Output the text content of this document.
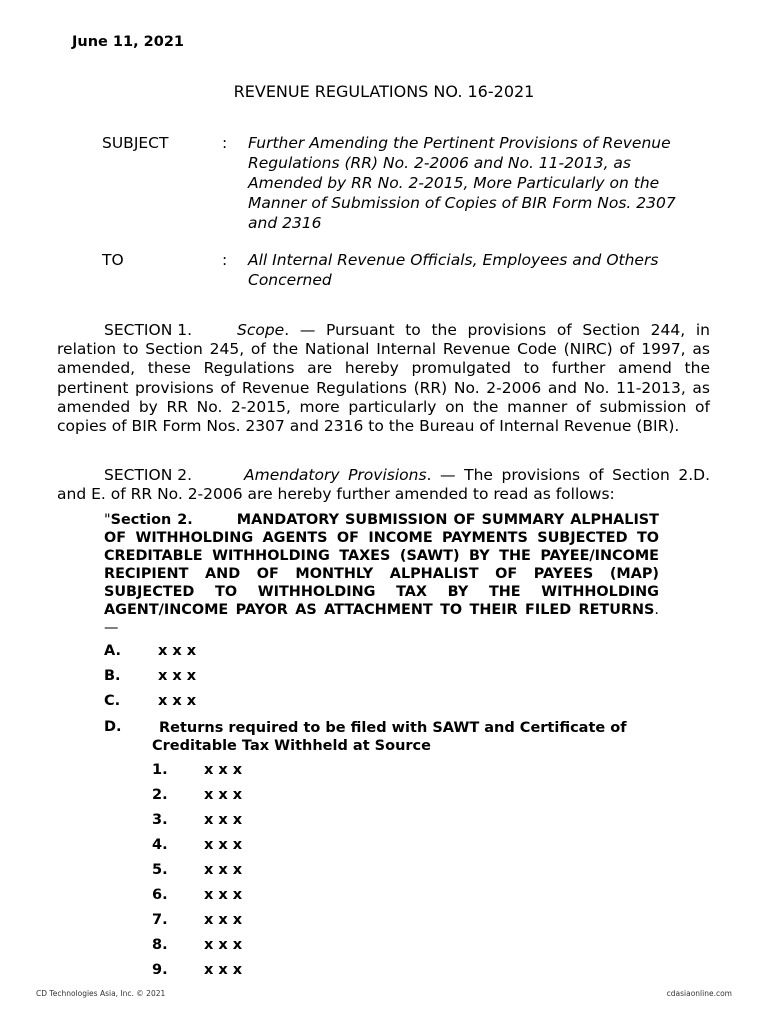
June 11, 2021
REVENUE REGULATIONS NO. 16-2021
SUBJECT	: Further Amending the Pertinent Provisions of Revenue
Regulations (RR) No. 2-2006 and No. 11-2013, as
Amended by RR No. 2-2015, More Particularly on the
Manner of Submission of Copies of BIR Form Nos. 2307
and 2316
TO	: All Internal Revenue Officials, Employees and Others
Concerned

SECTION 1.	Scope. — Pursuant to the provisions of Section 244, in relation to Section 245, of the National Internal Revenue Code (NIRC) of 1997, as amended, these Regulations are hereby promulgated to further amend the pertinent provisions of Revenue Regulations (RR) No. 2-2006 and No. 11-2013, as amended by RR No. 2-2015, more particularly on the manner of submission of copies of BIR Form Nos. 2307 and 2316 to the Bureau of Internal Revenue (BIR).

SECTION 2.	Amendatory Provisions. — The provisions of Section 2.D. and E. of RR No. 2-2006 are hereby further amended to read as follows:

"Section 2.	MANDATORY SUBMISSION OF SUMMARY ALPHALIST OF WITHHOLDING AGENTS OF INCOME PAYMENTS SUBJECTED TO CREDITABLE WITHHOLDING TAXES (SAWT) BY THE PAYEE/INCOME RECIPIENT AND OF MONTHLY ALPHALIST OF PAYEES (MAP) SUBJECTED TO WITHHOLDING TAX BY THE WITHHOLDING AGENT/INCOME PAYOR AS ATTACHMENT TO THEIR FILED RETURNS. —

A.	x x x
B.	x x x
C.	x x x
D.	Returns required to be filed with SAWT and Certificate of
Creditable Tax Withheld at Source
1.	x x x
2.	x x x
3.	x x x
4.	x x x
5.	x x x
6.	x x x
7.	x x x
8.	x x x
9.	x x x
CD Technologies Asia, Inc. © 2021	cdasiaonline.com
